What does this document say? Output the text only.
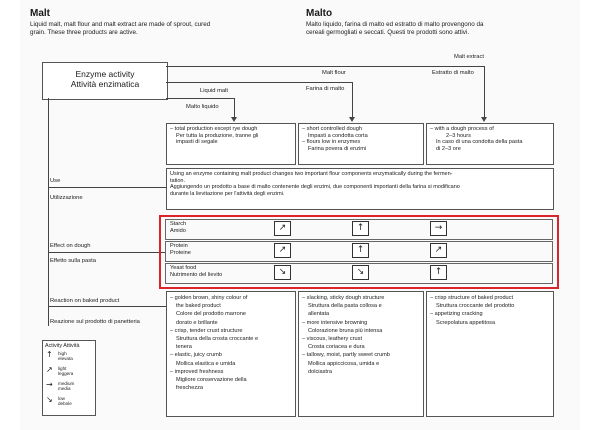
Malt
Liquid malt, malt flour and malt extract are made of sprout, cured
grain. These three products are active.
Malto
Malto liquido, farina di malto ed estratto di malto provengono da
cereali germogliati e seccati. Questi tre prodotti sono attivi.
Enzyme activity
Attività enzimatica
Malt extract
Estratto di malto
Malt flour
Farina di malto
Liquid malt
Malto liquido
– total production except rye dough
Per tutta la produzione, tranne gli
impasti di segale
– short controlled dough
Impasti a condotta corta
– flours low in enzymes
Farina povera di enzimi
– with a dough process of
2–3 hours
In caso di una condotta della pasta
di 2–3 ore
Use
Utilizzazione
Using an enzyme containing malt product changes two important flour components enzymatically during the fermen-
tation.
Aggiungendo un prodotto a base di malto contenente degli enzimi, due componenti importanti della farina si modificano
durante la lievitazione per l'attività degli enzimi.
Effect on dough
Effetto sulla pasta
Starch
Amido	↗	↑	→
Protein
Proteine	↗	↑	↗
Yeast food
Nutrimento del lievito	↘	↘	↑
Reaction on baked product
Reazione sul prodotto di panetteria
– golden brown, shiny colour of
the baked product
Colore del prodotto marrone
dorato e brillante
– crisp, tender crust structure
Struttura della crosta croccante e
tenera
– elastic, juicy crumb
Mollica elastica e umida
– improved freshness
Migliore conservazione della
freschezza
– slacking, sticky dough structure
Struttura della pasta collosa e
allentata
– more intensive browning
Colorazione bruna più intensa
– viscous, leathery crust
Crosta coriacea e dura
– tallowy, moist, partly sweet crumb
Mollica appiccicosa, umida e
dolciastra
– crisp structure of baked product
Struttura croccante del prodotto
– appetizing cracking
Screpolatura appetitosa
Activity Attività
↑ high
elevata
↗ light
leggera
→ medium
media
↘ low
debole
